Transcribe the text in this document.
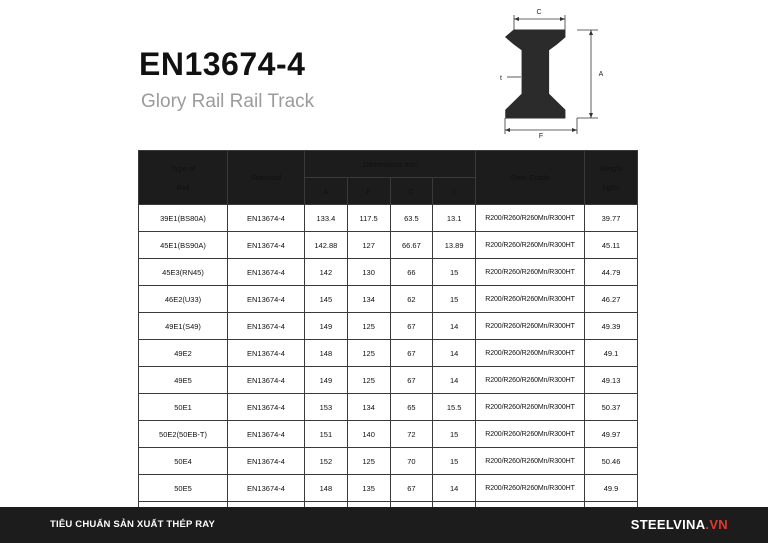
EN13674-4
Glory Rail Rail Track
C
A
F
t
Type of
Rail
	Standard	Dimensions mm	Steel Grade	
Weight
kg/m

		A	F	C	t		
39E1(BS80A)	EN13674-4	133.4	117.5	63.5	13.1	R200/R260/R260Mn/R300HT	39.77
45E1(BS90A)	EN13674-4	142.88	127	66.67	13.89	R200/R260/R260Mn/R300HT	45.11
45E3(RN45)	EN13674-4	142	130	66	15	R200/R260/R260Mn/R300HT	44.79
46E2(U33)	EN13674-4	145	134	62	15	R200/R260/R260Mn/R300HT	46.27
49E1(S49)	EN13674-4	149	125	67	14	R200/R260/R260Mn/R300HT	49.39
49E2	EN13674-4	148	125	67	14	R200/R260/R260Mn/R300HT	49.1
49E5	EN13674-4	149	125	67	14	R200/R260/R260Mn/R300HT	49.13
50E1	EN13674-4	153	134	65	15.5	R200/R260/R260Mn/R300HT	50.37
50E2(50EB-T)	EN13674-4	151	140	72	15	R200/R260/R260Mn/R300HT	49.97
50E4	EN13674-4	152	125	70	15	R200/R260/R260Mn/R300HT	50.46
50E5	EN13674-4	148	135	67	14	R200/R260/R260Mn/R300HT	49.9

TIÊU CHUẨN SẢN XUẤT THÉP RAY	STEELVINA.VN
